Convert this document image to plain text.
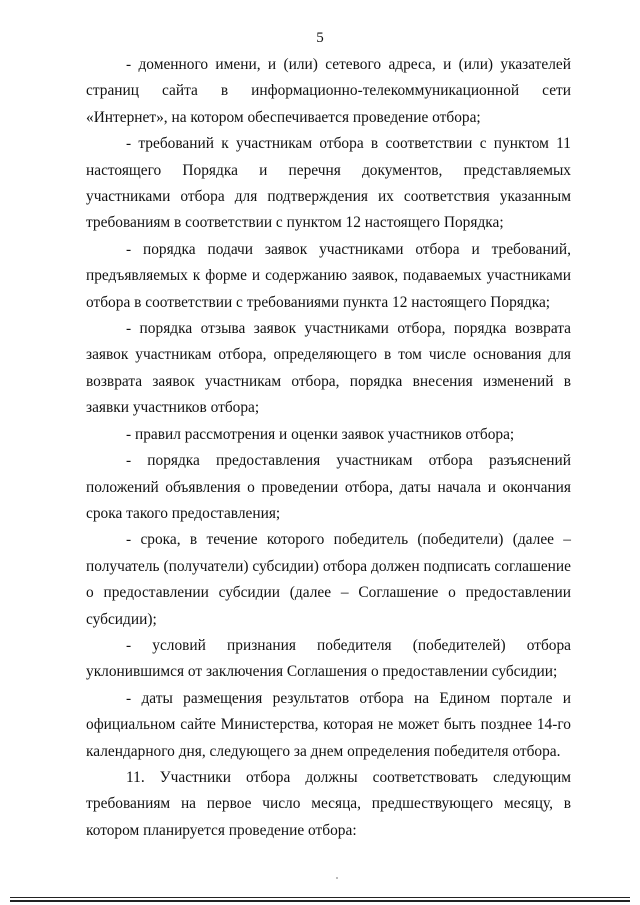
5

- доменного имени, и (или) сетевого адреса, и (или) указателей страниц сайта в информационно-телекоммуникационной сети «Интернет», на котором обеспечивается проведение отбора;

- требований к участникам отбора в соответствии с пунктом 11 настоящего Порядка и перечня документов, представляемых участниками отбора для подтверждения их соответствия указанным требованиям в соответствии с пунктом 12 настоящего Порядка;

- порядка подачи заявок участниками отбора и требований, предъявляемых к форме и содержанию заявок, подаваемых участниками отбора в соответствии с требованиями пункта 12 настоящего Порядка;

- порядка отзыва заявок участниками отбора, порядка возврата заявок участникам отбора, определяющего в том числе основания для возврата заявок участникам отбора, порядка внесения изменений в заявки участников отбора;

- правил рассмотрения и оценки заявок участников отбора;

- порядка предоставления участникам отбора разъяснений положений объявления о проведении отбора, даты начала и окончания срока такого предоставления;

- срока, в течение которого победитель (победители) (далее – получатель (получатели) субсидии) отбора должен подписать соглашение о предоставлении субсидии (далее – Соглашение о предоставлении субсидии);

- условий признания победителя (победителей) отбора уклонившимся от заключения Соглашения о предоставлении субсидии;

- даты размещения результатов отбора на Едином портале и официальном сайте Министерства, которая не может быть позднее 14-го календарного дня, следующего за днем определения победителя отбора.

11. Участники отбора должны соответствовать следующим требованиям на первое число месяца, предшествующего месяцу, в котором планируется проведение отбора:
